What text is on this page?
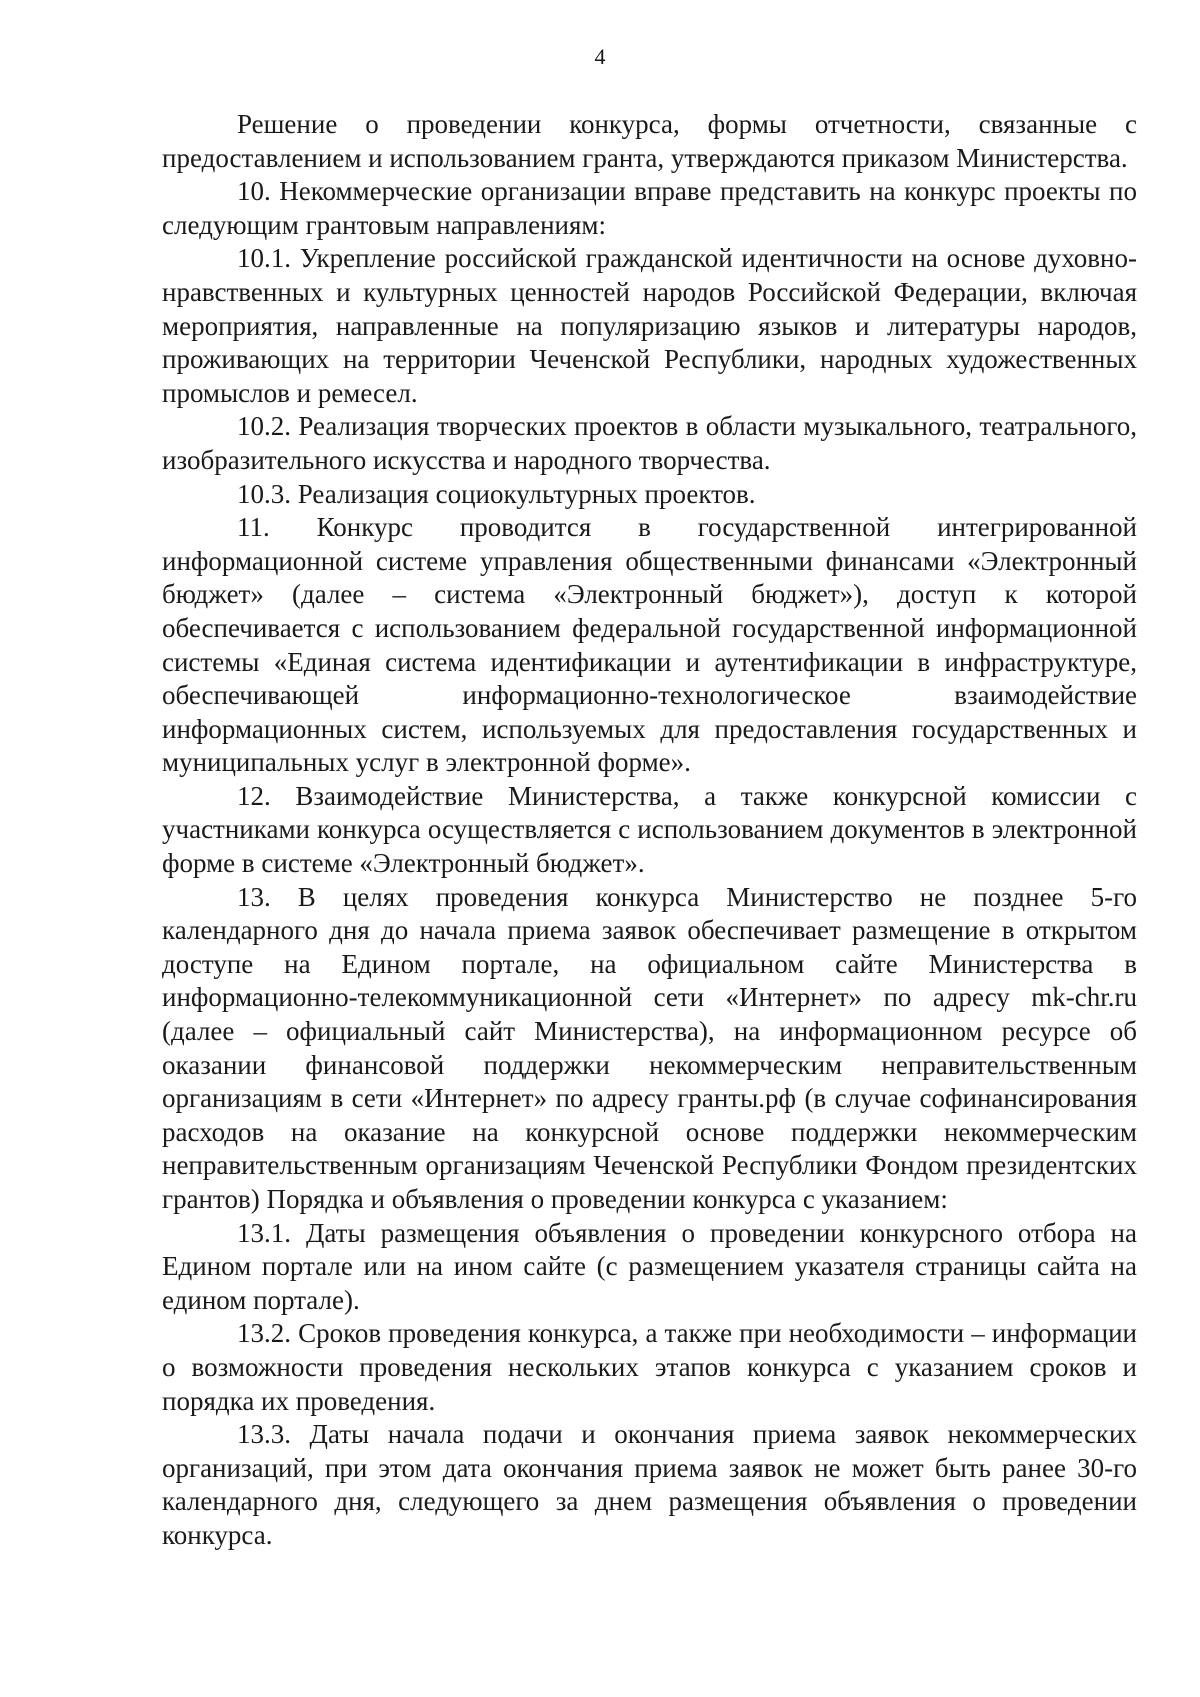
4

Решение о проведении конкурса, формы отчетности, связанные с предоставлением и использованием гранта, утверждаются приказом Министерства.

10. Некоммерческие организации вправе представить на конкурс проекты по следующим грантовым направлениям:

10.1. Укрепление российской гражданской идентичности на основе духовно-нравственных и культурных ценностей народов Российской Федерации, включая мероприятия, направленные на популяризацию языков и литературы народов, проживающих на территории Чеченской Республики, народных художественных промыслов и ремесел.

10.2. Реализация творческих проектов в области музыкального, театрального, изобразительного искусства и народного творчества.

10.3. Реализация социокультурных проектов.

11. Конкурс проводится в государственной интегрированной информационной системе управления общественными финансами «Электронный бюджет» (далее – система «Электронный бюджет»), доступ к которой обеспечивается с использованием федеральной государственной информационной системы «Единая система идентификации и аутентификации в инфраструктуре, обеспечивающей информационно-технологическое взаимодействие информационных систем, используемых для предоставления государственных и муниципальных услуг в электронной форме».

12. Взаимодействие Министерства, а также конкурсной комиссии с участниками конкурса осуществляется с использованием документов в электронной форме в системе «Электронный бюджет».

13. В целях проведения конкурса Министерство не позднее 5-го календарного дня до начала приема заявок обеспечивает размещение в открытом доступе на Едином портале, на официальном сайте Министерства в информационно-телекоммуникационной сети «Интернет» по адресу mk-chr.ru (далее – официальный сайт Министерства), на информационном ресурсе об оказании финансовой поддержки некоммерческим неправительственным организациям в сети «Интернет» по адресу гранты.рф (в случае софинансирования расходов на оказание на конкурсной основе поддержки некоммерческим неправительственным организациям Чеченской Республики Фондом президентских грантов) Порядка и объявления о проведении конкурса с указанием:

13.1. Даты размещения объявления о проведении конкурсного отбора на Едином портале или на ином сайте (с размещением указателя страницы сайта на едином портале).

13.2. Сроков проведения конкурса, а также при необходимости – информации о возможности проведения нескольких этапов конкурса с указанием сроков и порядка их проведения.

13.3. Даты начала подачи и окончания приема заявок некоммерческих организаций, при этом дата окончания приема заявок не может быть ранее 30-го календарного дня, следующего за днем размещения объявления о проведении конкурса.
